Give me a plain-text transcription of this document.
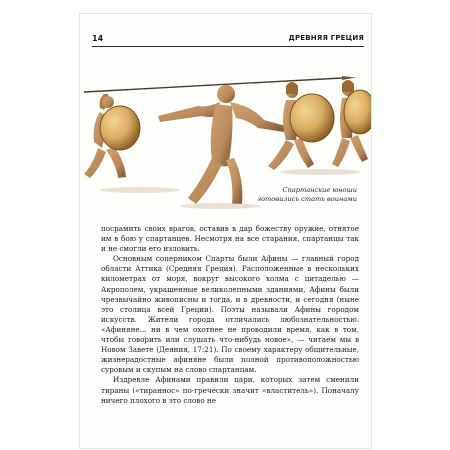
14	ДРЕВНЯЯ ГРЕЦИЯ
Спартанские юноши
готовились стать воинами

посрамить своих врагов, оставив в дар божеству оружие, отнятое им в бою у спартанцев. Несмотря на все старания, спартанцы так и не смогли его изловить.

Основным соперником Спарты были Афины — главный город области Аттика (Средняя Греция). Расположенные в нескольких километрах от моря, вокруг высокого холма с цитаделью — Акрополем, украшенные великолепными зданиями, Афины были чрезвычайно живописны и тогда, и в древности, и сегодня (ныне это столица всей Греции). Поэты называли Афины городом искусств. Жители города отличались любознательностью. «Афиняне... ни в чем охотнее не проводили время, как в том, чтобы говорить или слушать что-нибудь новое», — читаем мы в Новом Завете (Деяния, 17:21). По своему характеру общительные, жизнерадостные афиняне были полной противоположностью суровым и скупым на слово спартанцам.

Издревле Афинами правили цари, которых затем сменили тираны («тираннос» по-гречески значит «властитель»). Поначалу ничего плохого в это слово не
